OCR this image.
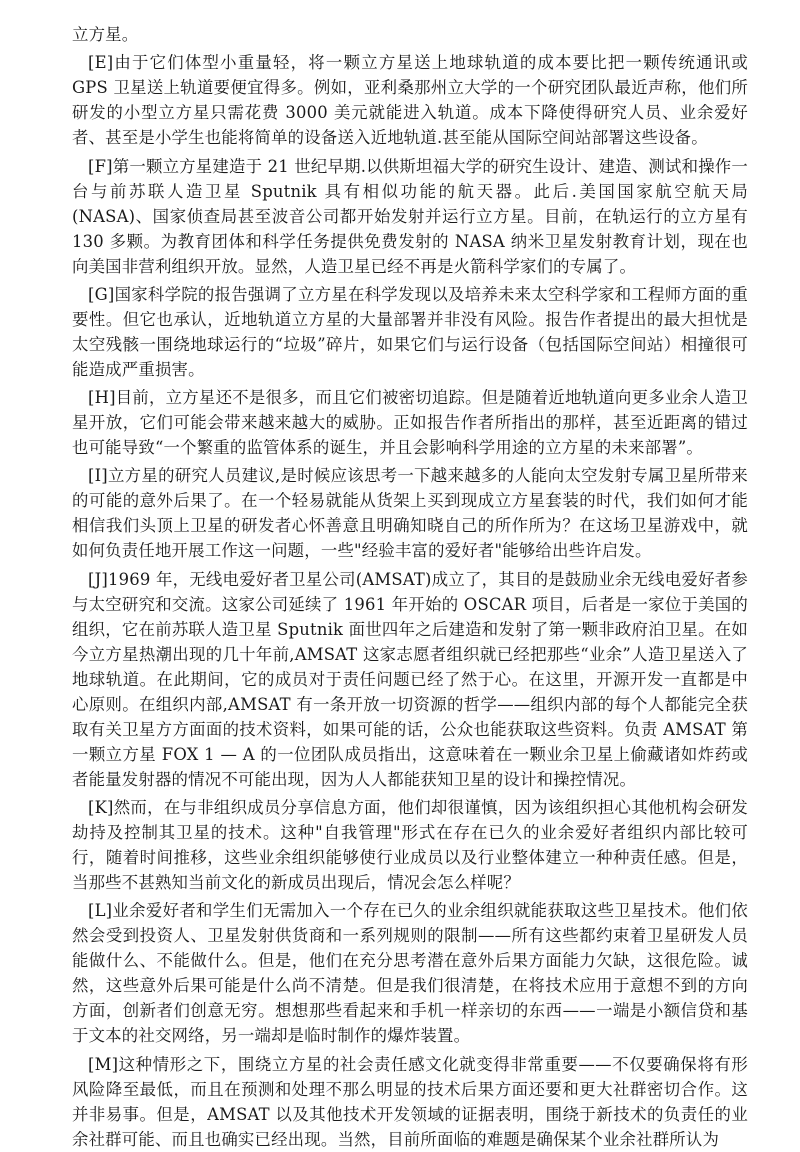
立方星。

[E]由于它们体型小重量轻，将一颗立方星送上地球轨道的成本要比把一颗传统通讯或 GPS 卫星送上轨道要便宜得多。例如，亚利桑那州立大学的一个研究团队最近声称，他们所研发的小型立方星只需花费 3000 美元就能进入轨道。成本下降使得研究人员、业余爱好者、甚至是小学生也能将简单的设备送入近地轨道.甚至能从国际空间站部署这些设备。

[F]第一颗立方星建造于 21 世纪早期.以供斯坦福大学的研究生设计、建造、测试和操作一台与前苏联人造卫星 Sputnik 具有相似功能的航天器。此后.美国国家航空航天局(NASA)、国家侦查局甚至波音公司都开始发射并运行立方星。目前，在轨运行的立方星有 130 多颗。为教育团体和科学任务提供免费发射的 NASA 纳米卫星发射教育计划，现在也向美国非营利组织开放。显然，人造卫星已经不再是火箭科学家们的专属了。

[G]国家科学院的报告强调了立方星在科学发现以及培养未来太空科学家和工程师方面的重要性。但它也承认，近地轨道立方星的大量部署并非没有风险。报告作者提出的最大担忧是太空残骸一围绕地球运行的“垃圾”碎片，如果它们与运行设备（包括国际空间站）相撞很可能造成严重损害。

[H]目前，立方星还不是很多，而且它们被密切追踪。但是随着近地轨道向更多业余人造卫星开放，它们可能会带来越来越大的威胁。正如报告作者所指出的那样，甚至近距离的错过也可能导致“一个繁重的监管体系的诞生，并且会影响科学用途的立方星的未来部署”。

[I]立方星的研究人员建议,是时候应该思考一下越来越多的人能向太空发射专属卫星所带来的可能的意外后果了。在一个轻易就能从货架上买到现成立方星套装的时代，我们如何才能相信我们头顶上卫星的研发者心怀善意且明确知晓自己的所作所为？在这场卫星游戏中，就如何负责任地开展工作这一问题，一些"经验丰富的爱好者"能够给出些许启发。

[J]1969 年，无线电爱好者卫星公司(AMSAT)成立了，其目的是鼓励业余无线电爱好者参与太空研究和交流。这家公司延续了 1961 年开始的 OSCAR 项目，后者是一家位于美国的组织，它在前苏联人造卫星 Sputnik 面世四年之后建造和发射了第一颗非政府泊卫星。在如今立方星热潮出现的几十年前,AMSAT 这家志愿者组织就已经把那些“业余”人造卫星送入了地球轨道。在此期间，它的成员对于责任问题已经了然于心。在这里，开源开发一直都是中心原则。在组织内部,AMSAT 有一条开放一切资源的哲学——组织内部的每个人都能完全获取有关卫星方方面面的技术资料，如果可能的话，公众也能获取这些资料。负责 AMSAT 第一颗立方星 FOX 1 — A 的一位团队成员指出，这意味着在一颗业余卫星上偷藏诸如炸药或者能量发射器的情况不可能出现，因为人人都能获知卫星的设计和操控情况。

[K]然而，在与非组织成员分享信息方面，他们却很谨慎，因为该组织担心其他机构会研发劫持及控制其卫星的技术。这种"自我管理"形式在存在已久的业余爱好者组织内部比较可行，随着时间推移，这些业余组织能够使行业成员以及行业整体建立一种种责任感。但是，当那些不甚熟知当前文化的新成员出现后，情况会怎么样呢？

[L]业余爱好者和学生们无需加入一个存在已久的业余组织就能获取这些卫星技术。他们依然会受到投资人、卫星发射供货商和一系列规则的限制——所有这些都约束着卫星研发人员能做什么、不能做什么。但是，他们在充分思考潜在意外后果方面能力欠缺，这很危险。诚然，这些意外后果可能是什么尚不清楚。但是我们很清楚，在将技术应用于意想不到的方向方面，创新者们创意无穷。想想那些看起来和手机一样亲切的东西——一端是小额信贷和基于文本的社交网络，另一端却是临时制作的爆炸装置。

[M]这种情形之下，围绕立方星的社会责任感文化就变得非常重要——不仅要确保将有形风险降至最低，而且在预测和处理不那么明显的技术后果方面还要和更大社群密切合作。这并非易事。但是，AMSAT 以及其他技术开发领域的证据表明，围绕于新技术的负责任的业余社群可能、而且也确实已经出现。当然，目前所面临的难题是确保某个业余社群所认为
